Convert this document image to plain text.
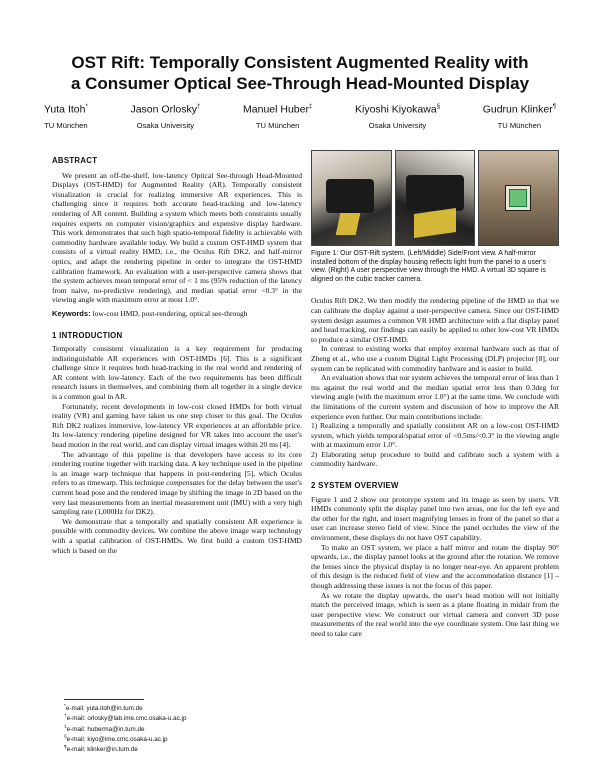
OST Rift: Temporally Consistent Augmented Reality with
a Consumer Optical See-Through Head-Mounted Display
Yuta Itoh*
TU München
Jason Orlosky†
Osaka University
Manuel Huber‡
TU München
Kiyoshi Kiyokawa§
Osaka University
Gudrun Klinker¶
TU München
ABSTRACT

We present an off-the-shelf, low-latency Optical See-through Head-Mounted Displays (OST-HMD) for Augmented Reality (AR). Temporally consistent visualization is crucial for realizing immersive AR experiences. This is challenging since it requires both accurate head-tracking and low-latency rendering of AR content. Building a system which meets both constraints usually requires experts on computer vision/graphics and expensive display hardware. This work demonstrates that such high spatio-temporal fidelity is achievable with commodity hardware available today. We build a custom OST-HMD system that consists of a virtual reality HMD, i.e., the Oculus Rift DK2, and half-mirror optics, and adapt the rendering pipeline in order to integrate the OST-HMD calibration framework. An evaluation with a user-perspective camera shows that the system achieves mean temporal error of < 1 ms (95% reduction of the latency from naive, no-predictive rendering), and median spatial error <0.3° in the viewing angle with maximum error at most 1.0°.

Keywords: low-cost HMD, post-rendering, optical see-through

1 INTRODUCTION

Temporally consistent visualization is a key requirement for producing indistinguishable AR experiences with OST-HMDs [6]. This is a significant challenge since it requires both head-tracking in the real world and rendering of AR content with low-latency. Each of the two requirements has been difficult research issues in themselves, and combining them all together in a single device is a common goal in AR.

Fortunately, recent developments in low-cost closed HMDs for both virtual reality (VR) and gaming have taken us one step closer to this goal. The Oculus Rift DK2 realizes immersive, low-latency VR experiences at an affordable price. Its low-latency rendering pipeline designed for VR takes into account the user's head motion in the real world, and can display virtual images within 20 ms [4].

The advantage of this pipeline is that developers have access to its core rendering routine together with tracking data. A key technique used in the pipeline is an image warp technique that happens in post-rendering [5], which Oculus refers to as timewarp. This technique compensates for the delay between the user's current head pose and the rendered image by shifting the image in 2D based on the very last measurements from an inertial measurement unit (IMU) with a very high sampling rate (1,000Hz for DK2).

We demonstrate that a temporally and spatially consistent AR experience is possible with commodity devices. We combine the above image warp technology with a spatial calibration of OST-HMDs. We first build a custom OST-HMD which is based on the

*e-mail: yuta.itoh@in.tum.de
†e-mail: orlosky@lab.ime.cmc.osaka-u.ac.jp
‡e-mail: huberma@in.tum.de
§e-mail: kiyo@ime.cmc.osaka-u.ac.jp
¶e-mail: klinker@in.tum.de
Figure 1: Our OST-Rift system. (Left/Middle) Side/Front view. A half-mirror installed bottom of the display housing reflects light from the panel to a user's view. (Right) A user perspective view through the HMD. A virtual 3D square is aligned on the cubic tracker camera.

Oculus Rift DK2. We then modify the rendering pipeline of the HMD so that we can calibrate the display against a user-perspective camera. Since our OST-HMD system design assumes a common VR HMD architecture with a flat display panel and head tracking, our findings can easily be applied to other low-cost VR HMDs to produce a similar OST-HMD.

In contrast to existing works that employ external hardware such as that of Zheng et al., who use a custom Digital Light Processing (DLP) projector [8], our system can be replicated with commodity hardware and is easier to build.

An evaluation shows that our system achieves the temporal error of less than 1 ms against the real world and the median spatial error less than 0.3deg for viewing angle (with the maximum error 1.0°) at the same time. We conclude with the limitations of the current system and discussion of how to improve the AR experience even further. Our main contributions include:

1) Realizing a temporally and spatially consistent AR on a low-cost OST-HMD system, which yields temporal/spatial error of <0.5ms/<0.3° in the viewing angle with at maximum error 1.0°.

2) Elaborating setup procedure to build and calibrate such a system with a commodity hardware.

2 SYSTEM OVERVIEW

Figure 1 and 2 show our prototype system and its image as seen by users. VR HMDs commonly split the display panel into two areas, one for the left eye and the other for the right, and insert magnifying lenses in front of the panel so that a user can increase stereo field of view. Since the panel occludes the view of the environment, these displays do not have OST capability.

To make an OST system, we place a half mirror and rotate the display 90° upwards, i.e., the display pannel looks at the ground after the rotation. We remove the lenses since the physical display is no longer near-eye. An apparent problem of this design is the reduced field of view and the accommodation distance [1] – though addressing these issues is not the focus of this paper.

As we rotate the display upwards, the user's head motion will not initially match the perceived image, which is seen as a plane floating in midair from the user perspective view. We construct our virtual camera and convert 3D pose measurements of the real world into the eye coordinate system. One last thing we need to take care
